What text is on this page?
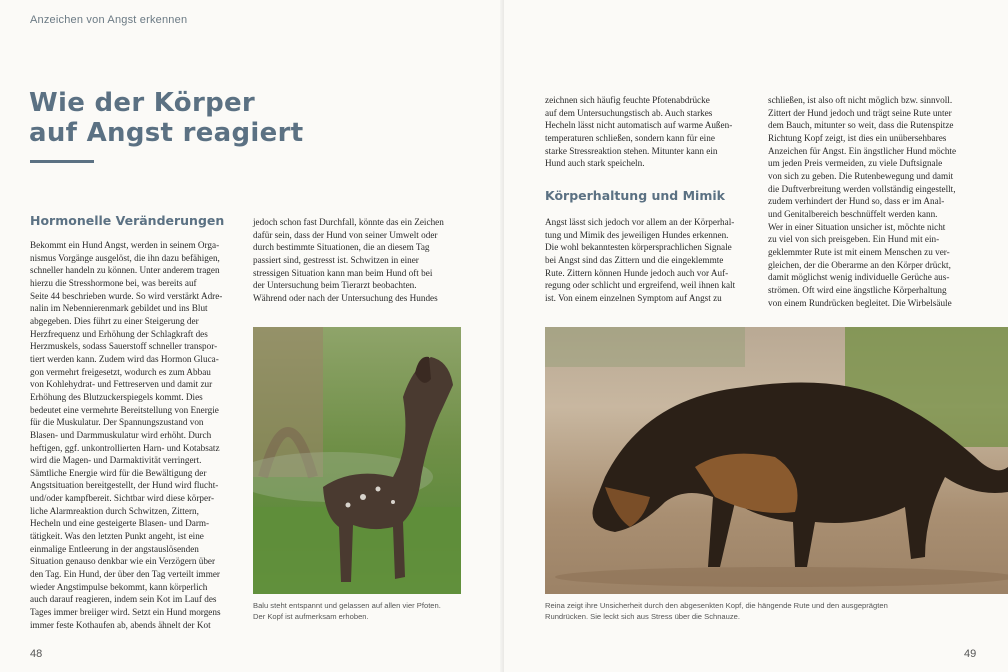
Anzeichen von Angst erkennen
Wie der Körper
auf Angst reagiert
Hormonelle Veränderungen
Bekommt ein Hund Angst, werden in seinem Orga-
nismus Vorgänge ausgelöst, die ihn dazu befähigen,
schneller handeln zu können. Unter anderem tragen
hierzu die Stresshormone bei, was bereits auf
Seite 44 beschrieben wurde. So wird verstärkt Adre-
nalin im Nebennierenmark gebildet und ins Blut
abgegeben. Dies führt zu einer Steigerung der
Herzfrequenz und Erhöhung der Schlagkraft des
Herzmuskels, sodass Sauerstoff schneller transpor-
tiert werden kann. Zudem wird das Hormon Gluca-
gon vermehrt freigesetzt, wodurch es zum Abbau
von Kohlehydrat- und Fettreserven und damit zur
Erhöhung des Blutzuckerspiegels kommt. Dies
bedeutet eine vermehrte Bereitstellung von Energie
für die Muskulatur. Der Spannungszustand von
Blasen- und Darmmuskulatur wird erhöht. Durch
heftigen, ggf. unkontrollierten Harn- und Kotabsatz
wird die Magen- und Darmaktivität verringert.
Sämtliche Energie wird für die Bewältigung der
Angstsituation bereitgestellt, der Hund wird flucht-
und/oder kampfbereit. Sichtbar wird diese körper-
liche Alarmreaktion durch Schwitzen, Zittern,
Hecheln und eine gesteigerte Blasen- und Darm-
tätigkeit. Was den letzten Punkt angeht, ist eine
einmalige Entleerung in der angstauslösenden
Situation genauso denkbar wie ein Verzögern über
den Tag. Ein Hund, der über den Tag verteilt immer
wieder Angstimpulse bekommt, kann körperlich
auch darauf reagieren, indem sein Kot im Lauf des
Tages immer breiiger wird. Setzt ein Hund morgens
immer feste Kothaufen ab, abends ähnelt der Kot
jedoch schon fast Durchfall, könnte das ein Zeichen
dafür sein, dass der Hund von seiner Umwelt oder
durch bestimmte Situationen, die an diesem Tag
passiert sind, gestresst ist. Schwitzen in einer
stressigen Situation kann man beim Hund oft bei
der Untersuchung beim Tierarzt beobachten.
Während oder nach der Untersuchung des Hundes
Balu steht entspannt und gelassen auf allen vier Pfoten.
Der Kopf ist aufmerksam erhoben.
48
zeichnen sich häufig feuchte Pfotenabdrücke
auf dem Untersuchungstisch ab. Auch starkes
Hecheln lässt nicht automatisch auf warme Außen-
temperaturen schließen, sondern kann für eine
starke Stressreaktion stehen. Mitunter kann ein
Hund auch stark speicheln.
Körperhaltung und Mimik
Angst lässt sich jedoch vor allem an der Körperhal-
tung und Mimik des jeweiligen Hundes erkennen.
Die wohl bekanntesten körpersprachlichen Signale
bei Angst sind das Zittern und die eingeklemmte
Rute. Zittern können Hunde jedoch auch vor Auf-
regung oder schlicht und ergreifend, weil ihnen kalt
ist. Von einem einzelnen Symptom auf Angst zu
schließen, ist also oft nicht möglich bzw. sinnvoll.
Zittert der Hund jedoch und trägt seine Rute unter
dem Bauch, mitunter so weit, dass die Rutenspitze
Richtung Kopf zeigt, ist dies ein unübersehbares
Anzeichen für Angst. Ein ängstlicher Hund möchte
um jeden Preis vermeiden, zu viele Duftsignale
von sich zu geben. Die Rutenbewegung und damit
die Duftverbreitung werden vollständig eingestellt,
zudem verhindert der Hund so, dass er im Anal-
und Genitalbereich beschnüffelt werden kann.
Wer in einer Situation unsicher ist, möchte nicht
zu viel von sich preisgeben. Ein Hund mit ein-
geklemmter Rute ist mit einem Menschen zu ver-
gleichen, der die Oberarme an den Körper drückt,
damit möglichst wenig individuelle Gerüche aus-
strömen. Oft wird eine ängstliche Körperhaltung
von einem Rundrücken begleitet. Die Wirbelsäule
Reina zeigt ihre Unsicherheit durch den abgesenkten Kopf, die hängende Rute und den ausgeprägten
Rundrücken. Sie leckt sich aus Stress über die Schnauze.
49
